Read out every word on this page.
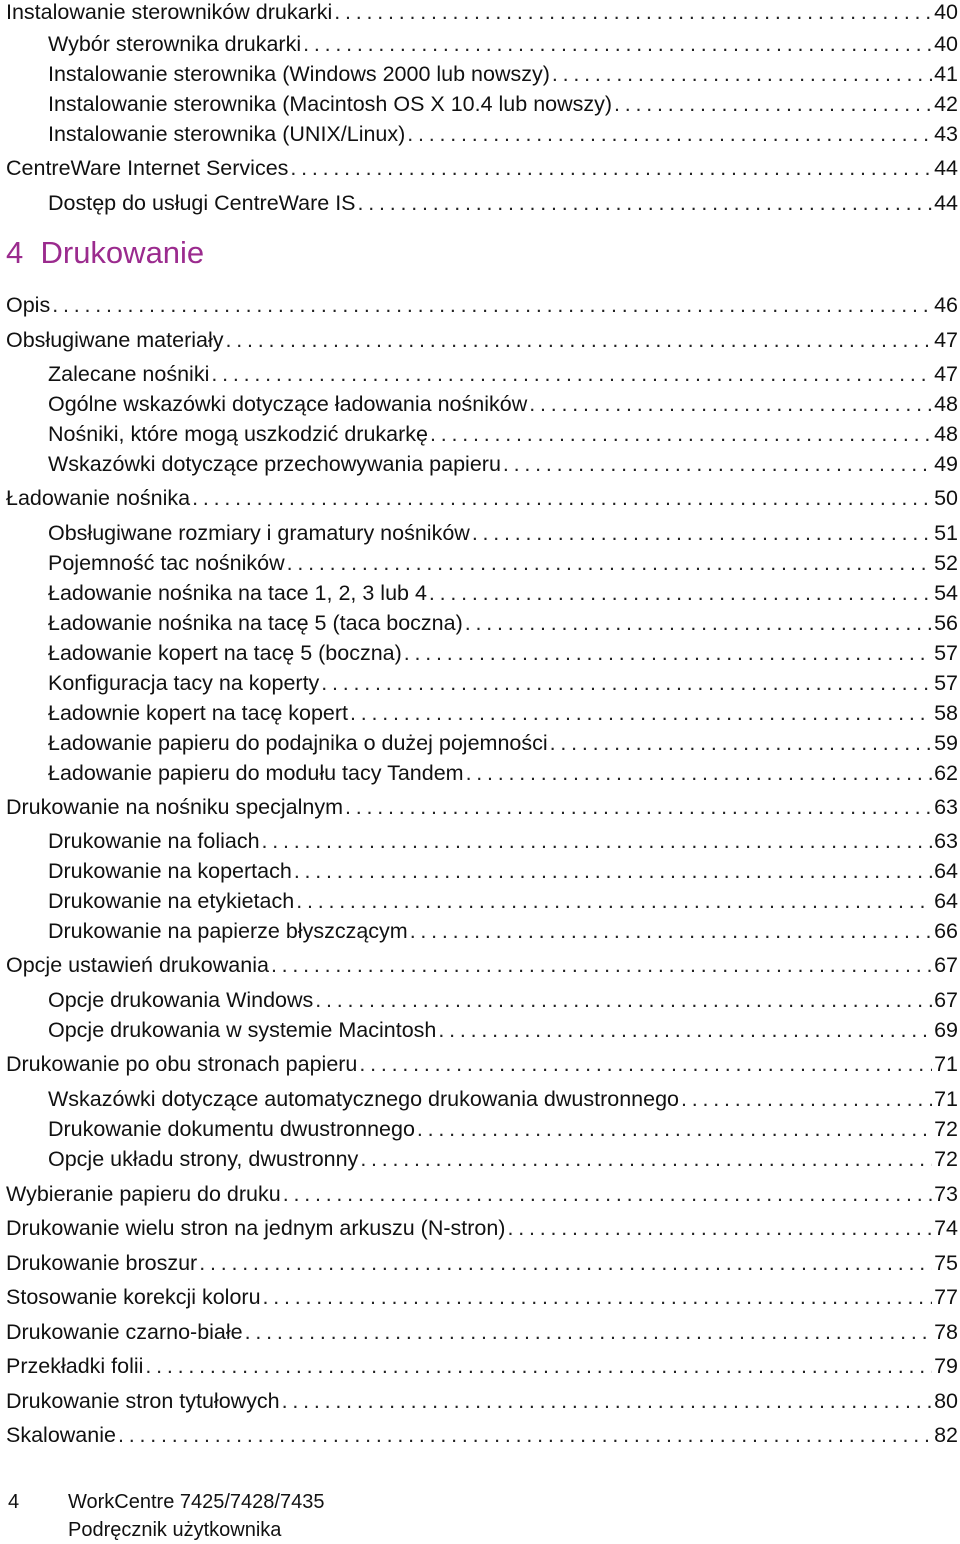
Instalowanie sterowników drukarki . . .	40
Wybór sterownika drukarki . . .	40
Instalowanie sterownika (Windows 2000 lub nowszy) . . .	41
Instalowanie sterownika (Macintosh OS X 10.4 lub nowszy) . . .	42
Instalowanie sterownika (UNIX/Linux) . . .	43
CentreWare Internet Services . . .	44
Dostęp do usługi CentreWare IS . . .	44
4 Drukowanie
Opis . . .	46
Obsługiwane materiały . . .	47
Zalecane nośniki . . .	47
Ogólne wskazówki dotyczące ładowania nośników . . .	48
Nośniki, które mogą uszkodzić drukarkę . . .	48
Wskazówki dotyczące przechowywania papieru . . .	49
Ładowanie nośnika . . .	50
Obsługiwane rozmiary i gramatury nośników . . .	51
Pojemność tac nośników . . .	52
Ładowanie nośnika na tace 1, 2, 3 lub 4 . . .	54
Ładowanie nośnika na tacę 5 (taca boczna) . . .	56
Ładowanie kopert na tacę 5 (boczna) . . .	57
Konfiguracja tacy na koperty . . .	57
Ładownie kopert na tacę kopert . . .	58
Ładowanie papieru do podajnika o dużej pojemności . . .	59
Ładowanie papieru do modułu tacy Tandem . . .	62
Drukowanie na nośniku specjalnym . . .	63
Drukowanie na foliach . . .	63
Drukowanie na kopertach . . .	64
Drukowanie na etykietach . . .	64
Drukowanie na papierze błyszczącym . . .	66
Opcje ustawień drukowania . . .	67
Opcje drukowania Windows . . .	67
Opcje drukowania w systemie Macintosh . . .	69
Drukowanie po obu stronach papieru . . .	71
Wskazówki dotyczące automatycznego drukowania dwustronnego . . .	71
Drukowanie dokumentu dwustronnego . . .	72
Opcje układu strony, dwustronny . . .	72
Wybieranie papieru do druku . . .	73
Drukowanie wielu stron na jednym arkuszu (N-stron) . . .	74
Drukowanie broszur . . .	75
Stosowanie korekcji koloru . . .	77
Drukowanie czarno-białe . . .	78
Przekładki folii . . .	79
Drukowanie stron tytułowych . . .	80
Skalowanie . . .	82
4 WorkCentre 7425/7428/7435
Podręcznik użytkownika
